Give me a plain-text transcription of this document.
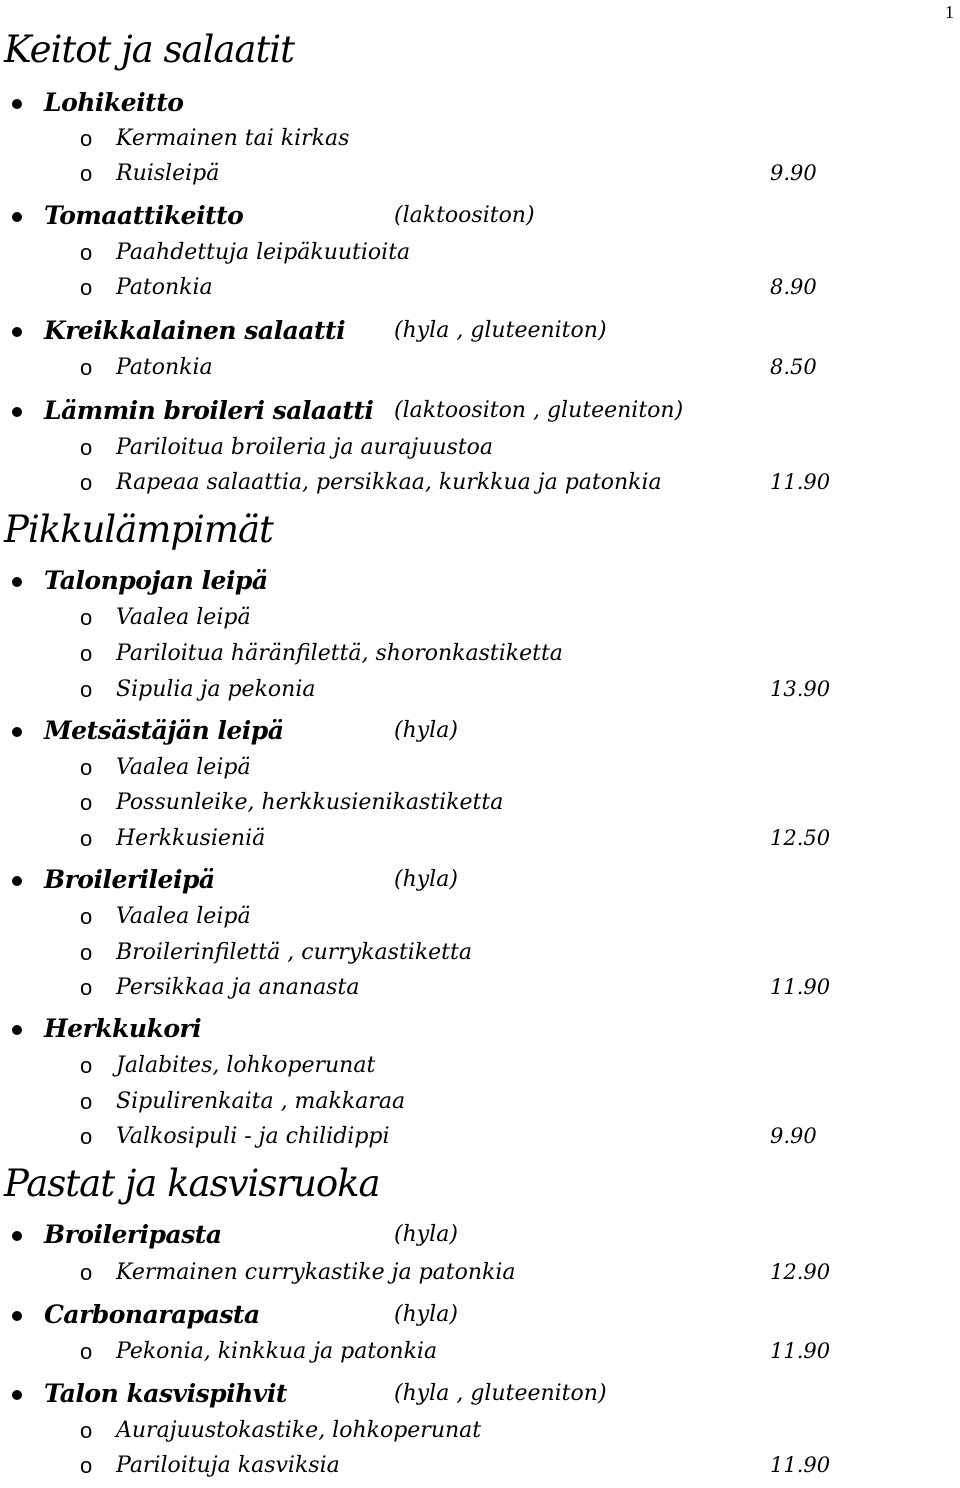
1
Keitot ja salaatit
Lohikeitto
o Kermainen tai kirkas
o Ruisleipä	9.90
Tomaattikeitto	(laktoositon)
o Paahdettuja leipäkuutioita
o Patonkia	8.90
Kreikkalainen salaatti (hyla , gluteeniton)
o Patonkia	8.50
Lämmin broileri salaatti (laktoositon , gluteeniton)
o Pariloitua broileria ja aurajuustoa
o Rapeaa salaattia, persikkaa, kurkkua ja patonkia	11.90
Pikkulämpimät
Talonpojan leipä
o Vaalea leipä
o Pariloitua häränfilettä, shoronkastiketta
o Sipulia ja pekonia	13.90
Metsästäjän leipä	(hyla)
o Vaalea leipä
o Possunleike, herkkusienikastiketta
o Herkkusieniä	12.50
Broilerileipä	(hyla)
o Vaalea leipä
o Broilerinfilettä , currykastiketta
o Persikkaa ja ananasta	11.90
Herkkukori
o Jalabites, lohkoperunat
o Sipulirenkaita , makkaraa
o Valkosipuli - ja chilidippi	9.90
Pastat ja kasvisruoka
Broileripasta	(hyla)
o Kermainen currykastike ja patonkia	12.90
Carbonarapasta	(hyla)
o Pekonia, kinkkua ja patonkia	11.90
Talon kasvispihvit	(hyla , gluteeniton)
o Aurajuustokastike, lohkoperunat
o Pariloituja kasviksia	11.90
